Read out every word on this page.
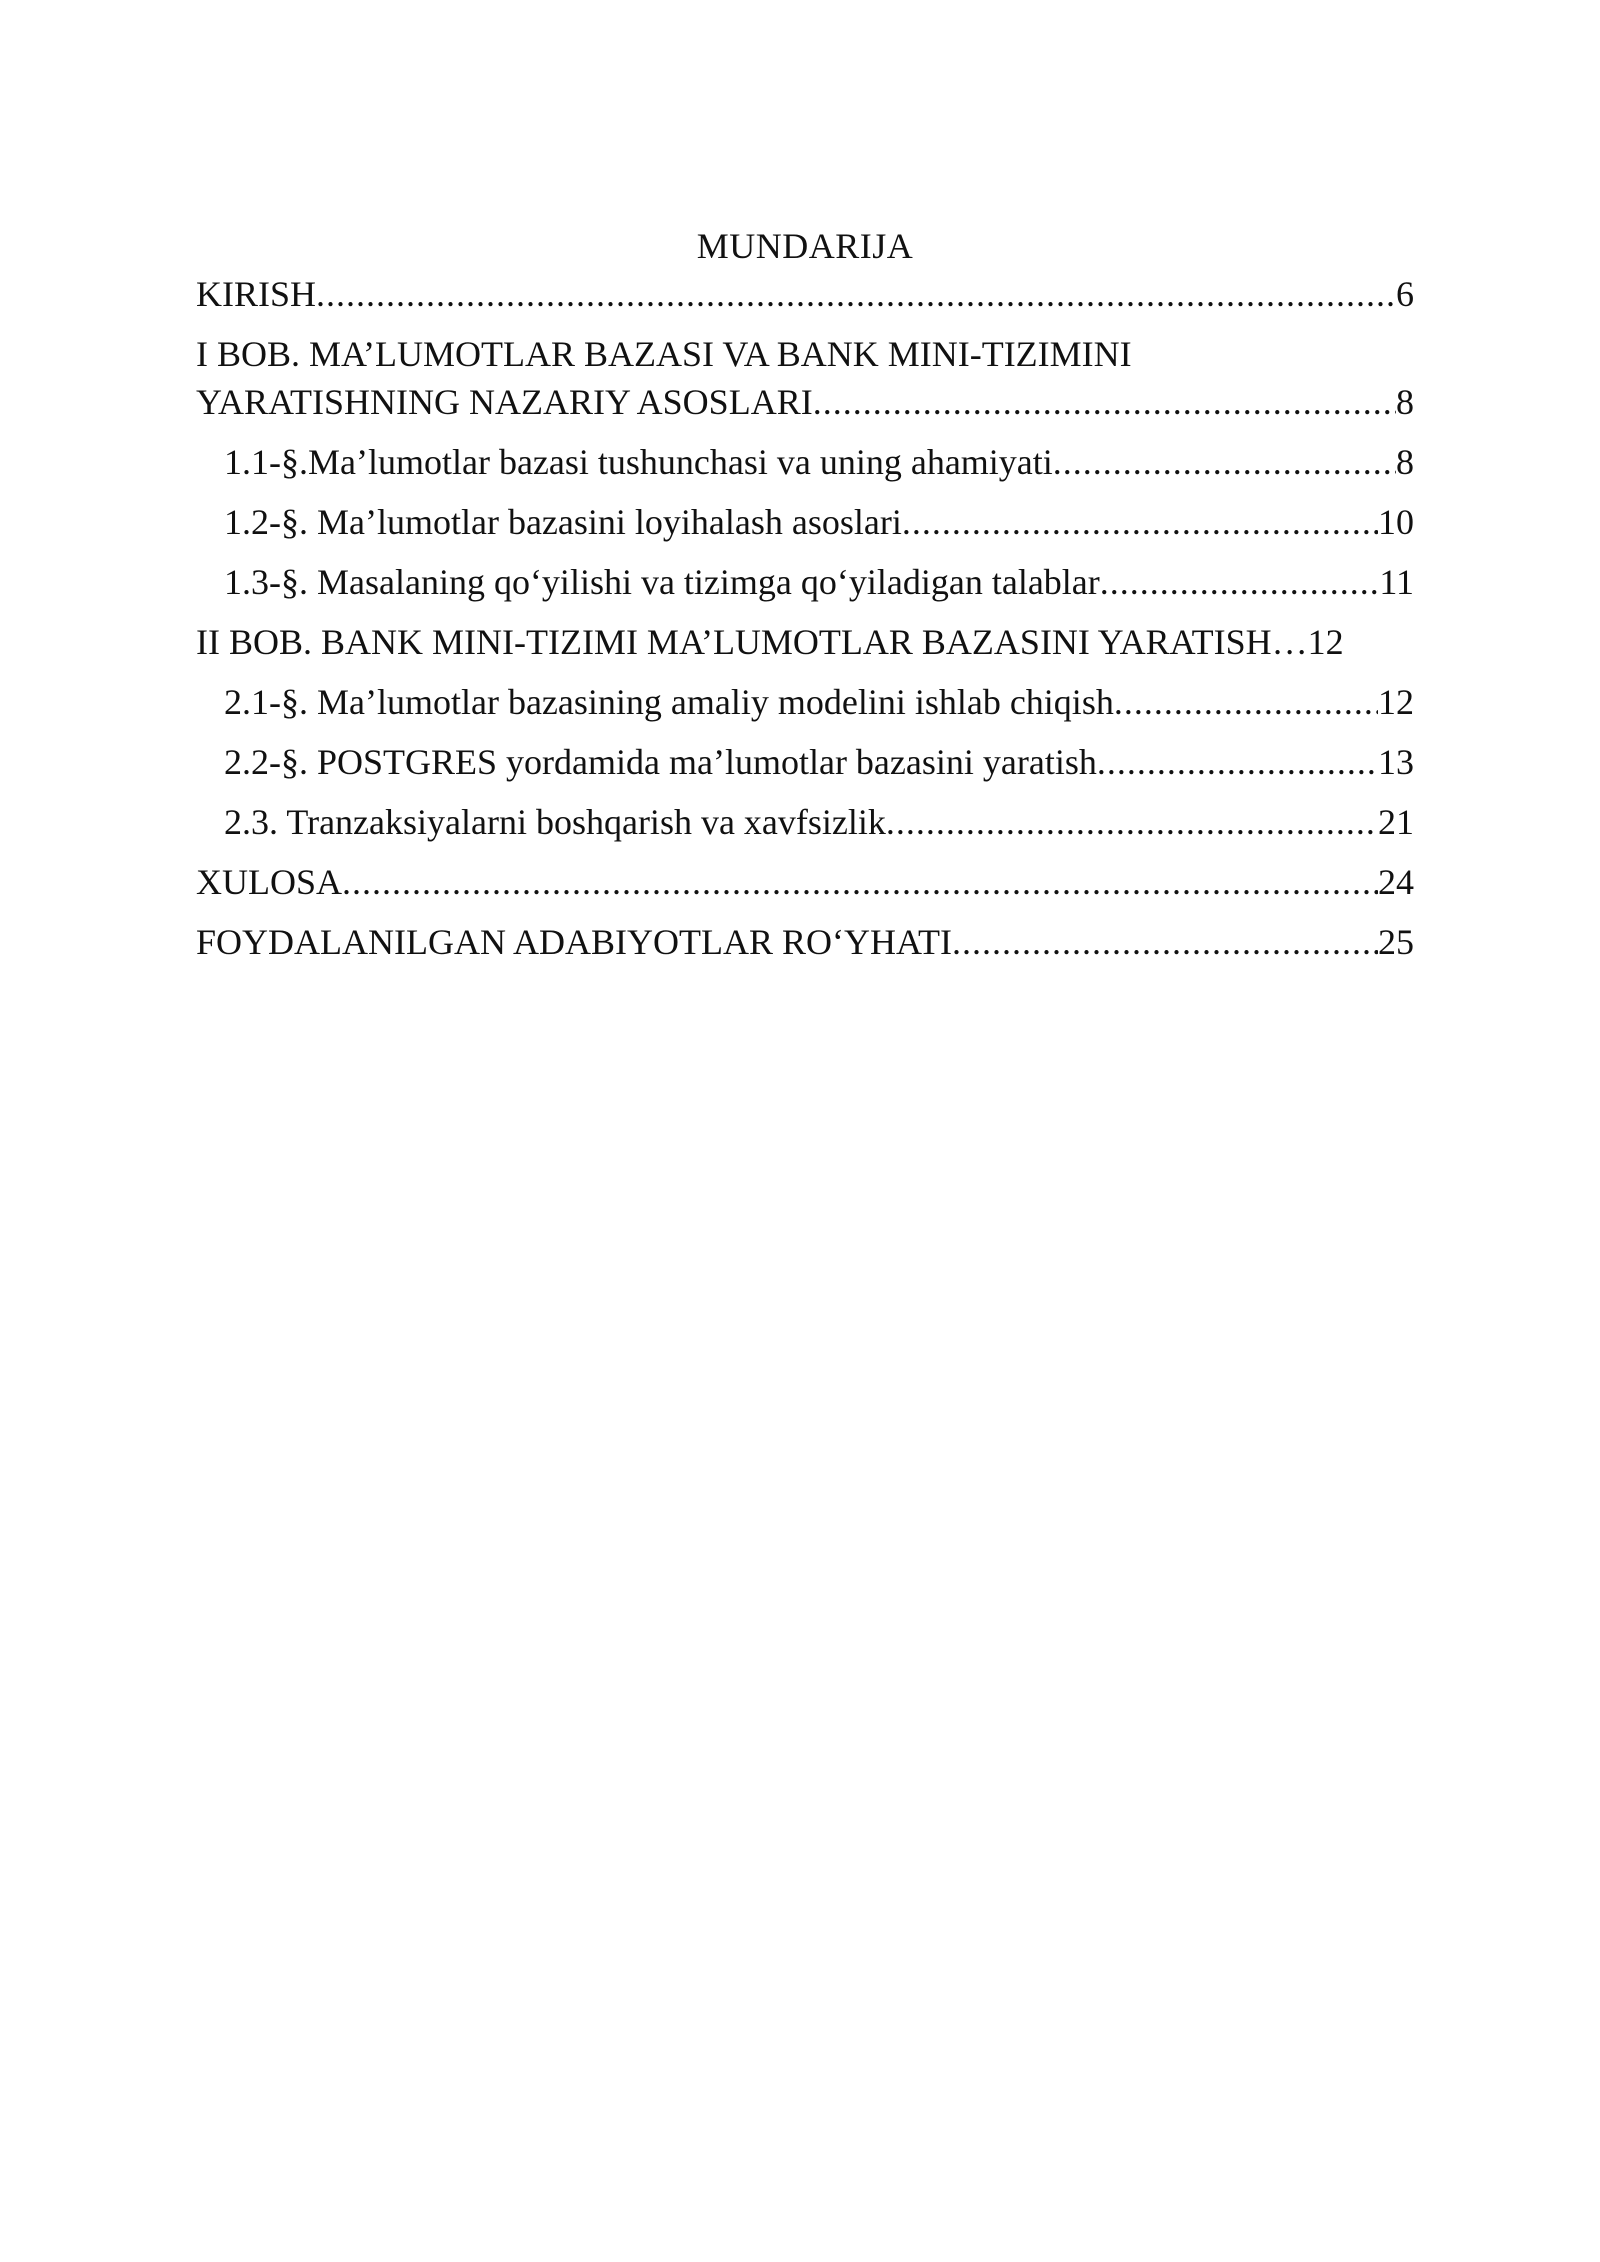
MUNDARIJA
KIRISH .....	6
I BOB. MA’LUMOTLAR BAZASI VA BANK MINI-TIZIMINI
YARATISHNING NAZARIY ASOSLARI .....	8
1.1-§.Ma’lumotlar bazasi tushunchasi va uning ahamiyati .....	8
1.2-§. Ma’lumotlar bazasini loyihalash asoslari .....	10
1.3-§. Masalaning qo‘yilishi va tizimga qo‘yiladigan talablar .....	11
II BOB. BANK MINI-TIZIMI MA’LUMOTLAR BAZASINI YARATISH… 12
2.1-§. Ma’lumotlar bazasining amaliy modelini ishlab chiqish .....	12
2.2-§. POSTGRES yordamida ma’lumotlar bazasini yaratish .....	13
2.3. Tranzaksiyalarni boshqarish va xavfsizlik .....	21
XULOSA .....	24
FOYDALANILGAN ADABIYOTLAR RO‘YHATI .....	25
